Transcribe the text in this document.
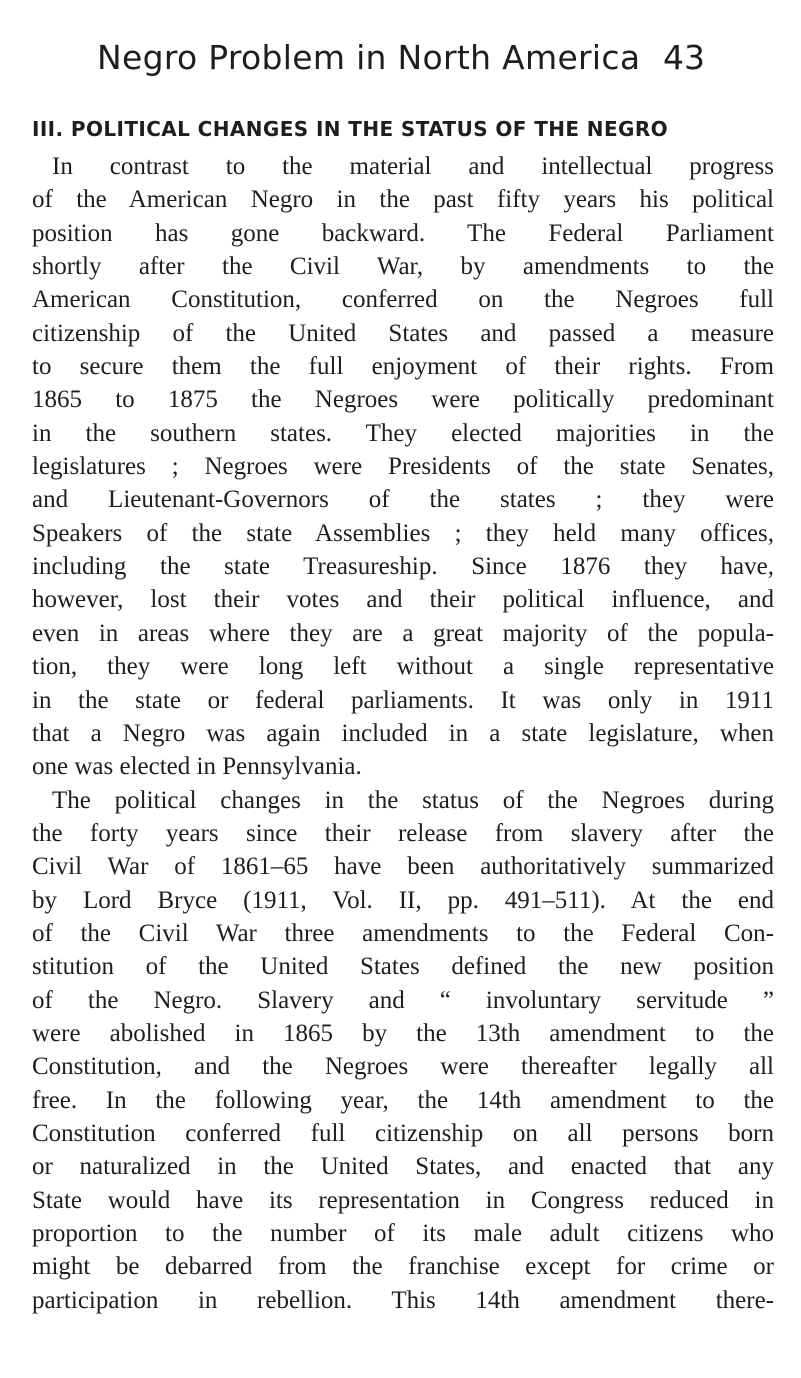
Negro Problem in North America 43
III. POLITICAL CHANGES IN THE STATUS OF THE NEGRO
In contrast to the material and intellectual progress
of the American Negro in the past fifty years his political
position has gone backward. The Federal Parliament
shortly after the Civil War, by amendments to the
American Constitution, conferred on the Negroes full
citizenship of the United States and passed a measure
to secure them the full enjoyment of their rights. From
1865 to 1875 the Negroes were politically predominant
in the southern states. They elected majorities in the
legislatures ; Negroes were Presidents of the state Senates,
and Lieutenant-Governors of the states ; they were
Speakers of the state Assemblies ; they held many offices,
including the state Treasureship. Since 1876 they have,
however, lost their votes and their political influence, and
even in areas where they are a great majority of the popula-
tion, they were long left without a single representative
in the state or federal parliaments. It was only in 1911
that a Negro was again included in a state legislature, when
one was elected in Pennsylvania.
The political changes in the status of the Negroes during
the forty years since their release from slavery after the
Civil War of 1861–65 have been authoritatively summarized
by Lord Bryce (1911, Vol. II, pp. 491–511). At the end
of the Civil War three amendments to the Federal Con-
stitution of the United States defined the new position
of the Negro. Slavery and “ involuntary servitude ”
were abolished in 1865 by the 13th amendment to the
Constitution, and the Negroes were thereafter legally all
free. In the following year, the 14th amendment to the
Constitution conferred full citizenship on all persons born
or naturalized in the United States, and enacted that any
State would have its representation in Congress reduced in
proportion to the number of its male adult citizens who
might be debarred from the franchise except for crime or
participation in rebellion. This 14th amendment there-
